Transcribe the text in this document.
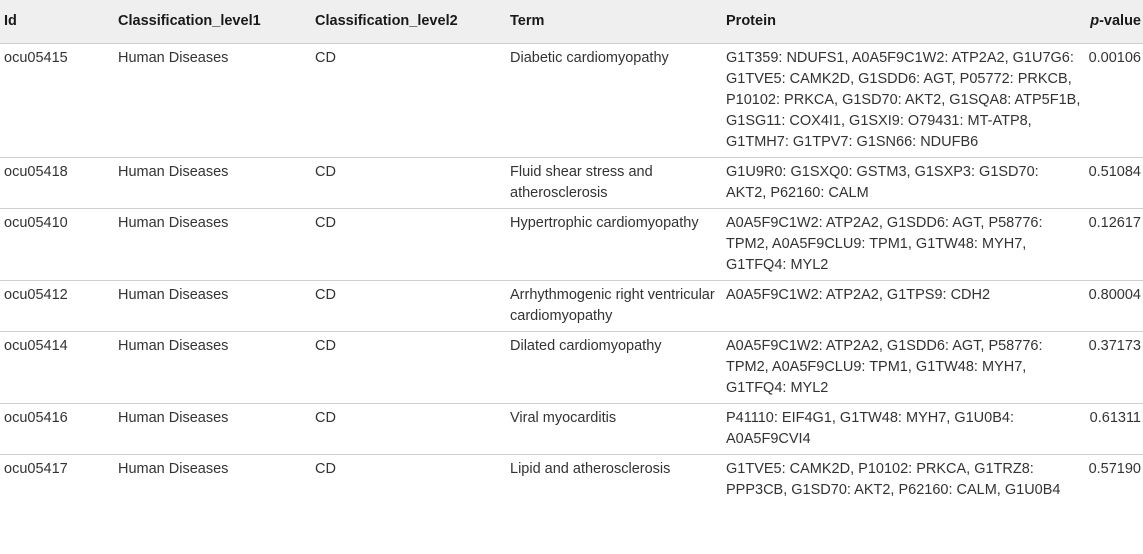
Id	Classification_level1	Classification_level2	Term	Protein	p-value
ocu05415	Human Diseases	CD	Diabetic cardiomyopathy	G1T359: NDUFS1, A0A5F9C1W2: ATP2A2, G1U7G6: G1TVE5: CAMK2D, G1SDD6: AGT, P05772: PRKCB, P10102: PRKCA, G1SD70: AKT2, G1SQA8: ATP5F1B, G1SG11: COX4I1, G1SXI9: O79431: MT-ATP8, G1TMH7: G1TPV7: G1SN66: NDUFB6	0.00106
ocu05418	Human Diseases	CD	Fluid shear stress and atherosclerosis	G1U9R0: G1SXQ0: GSTM3, G1SXP3: G1SD70: AKT2, P62160: CALM	0.51084
ocu05410	Human Diseases	CD	Hypertrophic cardiomyopathy	A0A5F9C1W2: ATP2A2, G1SDD6: AGT, P58776: TPM2, A0A5F9CLU9: TPM1, G1TW48: MYH7, G1TFQ4: MYL2	0.12617
ocu05412	Human Diseases	CD	Arrhythmogenic right ventricular cardiomyopathy	A0A5F9C1W2: ATP2A2, G1TPS9: CDH2	0.80004
ocu05414	Human Diseases	CD	Dilated cardiomyopathy	A0A5F9C1W2: ATP2A2, G1SDD6: AGT, P58776: TPM2, A0A5F9CLU9: TPM1, G1TW48: MYH7, G1TFQ4: MYL2	0.37173
ocu05416	Human Diseases	CD	Viral myocarditis	P41110: EIF4G1, G1TW48: MYH7, G1U0B4: A0A5F9CVI4	0.61311
ocu05417	Human Diseases	CD	Lipid and atherosclerosis	G1TVE5: CAMK2D, P10102: PRKCA, G1TRZ8: PPP3CB, G1SD70: AKT2, P62160: CALM, G1U0B4	0.57190
